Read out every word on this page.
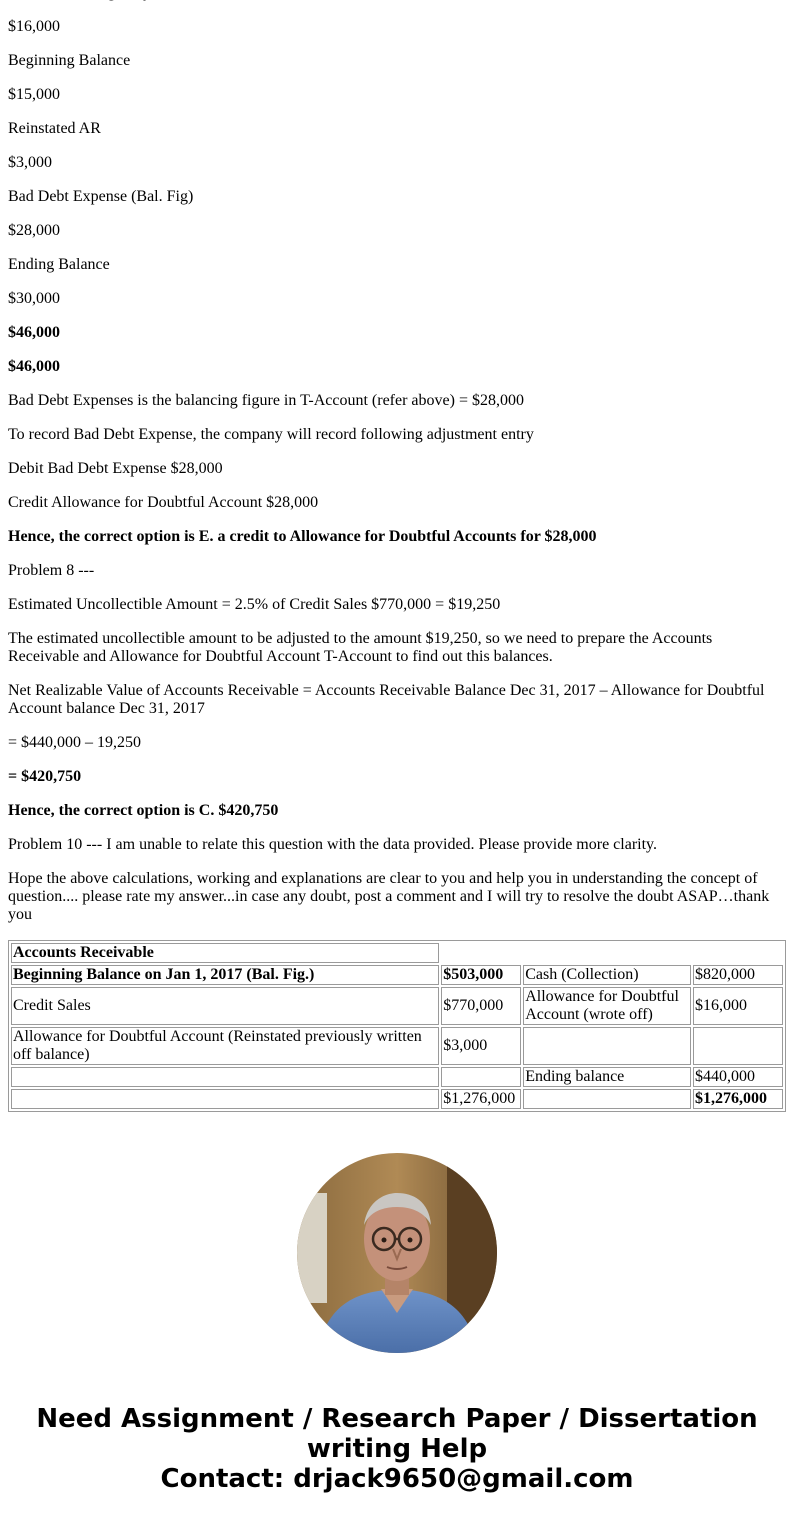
$16,000

Beginning Balance

$15,000

Reinstated AR

$3,000

Bad Debt Expense (Bal. Fig)

$28,000

Ending Balance

$30,000

$46,000

$46,000

Bad Debt Expenses is the balancing figure in T-Account (refer above) = $28,000

To record Bad Debt Expense, the company will record following adjustment entry

Debit Bad Debt Expense $28,000

Credit Allowance for Doubtful Account $28,000

Hence, the correct option is E. a credit to Allowance for Doubtful Accounts for $28,000

Problem 8 ---

Estimated Uncollectible Amount = 2.5% of Credit Sales $770,000 = $19,250

The estimated uncollectible amount to be adjusted to the amount $19,250, so we need to prepare the Accounts Receivable and Allowance for Doubtful Account T-Account to find out this balances.

Net Realizable Value of Accounts Receivable = Accounts Receivable Balance Dec 31, 2017 – Allowance for Doubtful Account balance Dec 31, 2017

= $440,000 – 19,250

= $420,750

Hence, the correct option is C. $420,750

Problem 10 --- I am unable to relate this question with the data provided. Please provide more clarity.

Hope the above calculations, working and explanations are clear to you and help you in understanding the concept of question.... please rate my answer...in case any doubt, post a comment and I will try to resolve the doubt ASAP…thank you

Accounts Receivable			
Beginning Balance on Jan 1, 2017 (Bal. Fig.)	$503,000	Cash (Collection)	$820,000
Credit Sales	$770,000	Allowance for Doubtful Account (wrote off)	$16,000
Allowance for Doubtful Account (Reinstated previously written off balance)	$3,000		
		Ending balance	$440,000
	$1,276,000		$1,276,000
Need Assignment / Research Paper / Dissertation
writing Help
Contact: drjack9650@gmail.com
